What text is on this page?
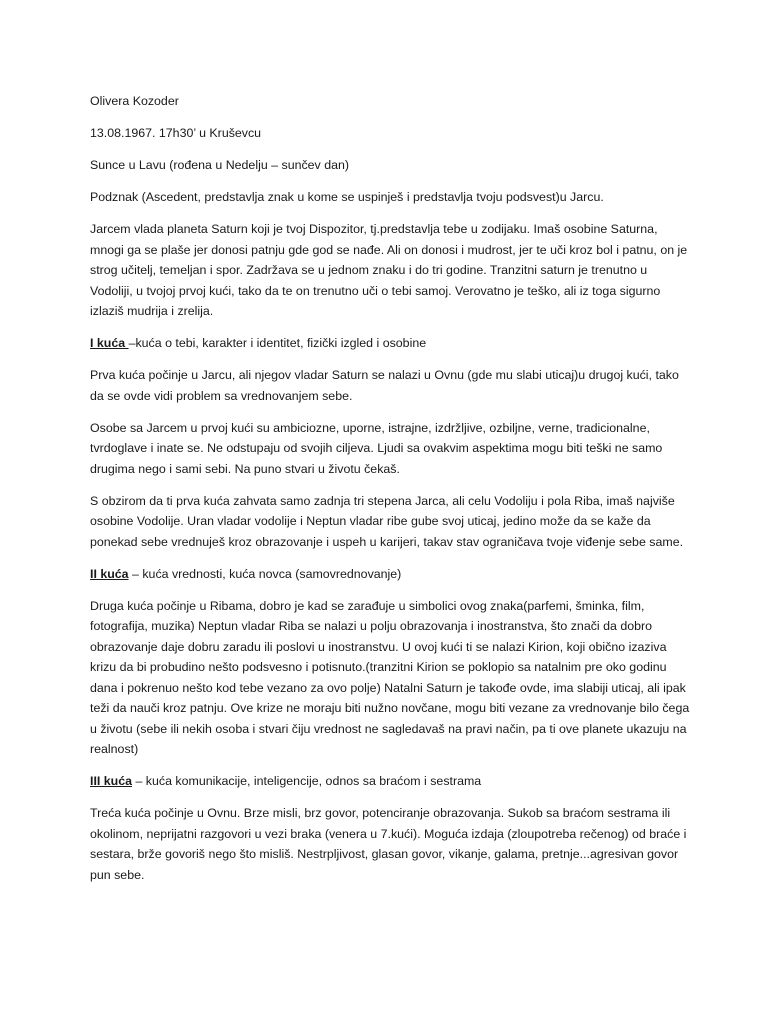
Olivera Kozoder

13.08.1967. 17h30’ u Kruševcu

Sunce u Lavu (rođena u Nedelju – sunčev dan)

Podznak (Ascedent, predstavlja znak u kome se uspinješ i predstavlja tvoju podsvest)u Jarcu.

Jarcem vlada planeta Saturn koji je tvoj Dispozitor, tj.predstavlja tebe u zodijaku. Imaš osobine Saturna, mnogi ga se plaše jer donosi patnju gde god se nađe. Ali on donosi i mudrost, jer te uči kroz bol i patnu, on je strog učitelj, temeljan i spor. Zadržava se u jednom znaku i do tri godine. Tranzitni saturn je trenutno u Vodoliji, u tvojoj prvoj kući, tako da te on trenutno uči o tebi samoj. Verovatno je teško, ali iz toga sigurno izlaziš mudrija i zrelija.

I kuća –kuća o tebi, karakter i identitet, fizički izgled i osobine

Prva kuća počinje u Jarcu, ali njegov vladar Saturn se nalazi u Ovnu (gde mu slabi uticaj)u drugoj kući, tako da se ovde vidi problem sa vrednovanjem sebe.

Osobe sa Jarcem u prvoj kući su ambiciozne, uporne, istrajne, izdržljive, ozbiljne, verne, tradicionalne, tvrdoglave i inate se. Ne odstupaju od svojih ciljeva. Ljudi sa ovakvim aspektima mogu biti teški ne samo drugima nego i sami sebi. Na puno stvari u životu čekaš.

S obzirom da ti prva kuća zahvata samo zadnja tri stepena Jarca, ali celu Vodoliju i pola Riba, imaš najviše osobine Vodolije. Uran vladar vodolije i Neptun vladar ribe gube svoj uticaj, jedino može da se kaže da ponekad sebe vrednuješ kroz obrazovanje i uspeh u karijeri, takav stav ograničava tvoje viđenje sebe same.

II kuća – kuća vrednosti, kuća novca (samovrednovanje)

Druga kuća počinje u Ribama, dobro je kad se zarađuje u simbolici ovog znaka(parfemi, šminka, film, fotografija, muzika) Neptun vladar Riba se nalazi u polju obrazovanja i inostranstva, što znači da dobro obrazovanje daje dobru zaradu ili poslovi u inostranstvu. U ovoj kući ti se nalazi Kirion, koji obično izaziva krizu da bi probudino nešto podsvesno i potisnuto.(tranzitni Kirion se poklopio sa natalnim pre oko godinu dana i pokrenuo nešto kod tebe vezano za ovo polje) Natalni Saturn je takođe ovde, ima slabiji uticaj, ali ipak teži da nauči kroz patnju. Ove krize ne moraju biti nužno novčane, mogu biti vezane za vrednovanje bilo čega u životu (sebe ili nekih osoba i stvari čiju vrednost ne sagledavaš na pravi način, pa ti ove planete ukazuju na realnost)

III kuća – kuća komunikacije, inteligencije, odnos sa braćom i sestrama

Treća kuća počinje u Ovnu. Brze misli, brz govor, potenciranje obrazovanja. Sukob sa braćom sestrama ili okolinom, neprijatni razgovori u vezi braka (venera u 7.kući). Moguća izdaja (zloupotreba rečenog) od braće i sestara, brže govoriš nego što misliš. Nestrpljivost, glasan govor, vikanje, galama, pretnje...agresivan govor pun sebe.
